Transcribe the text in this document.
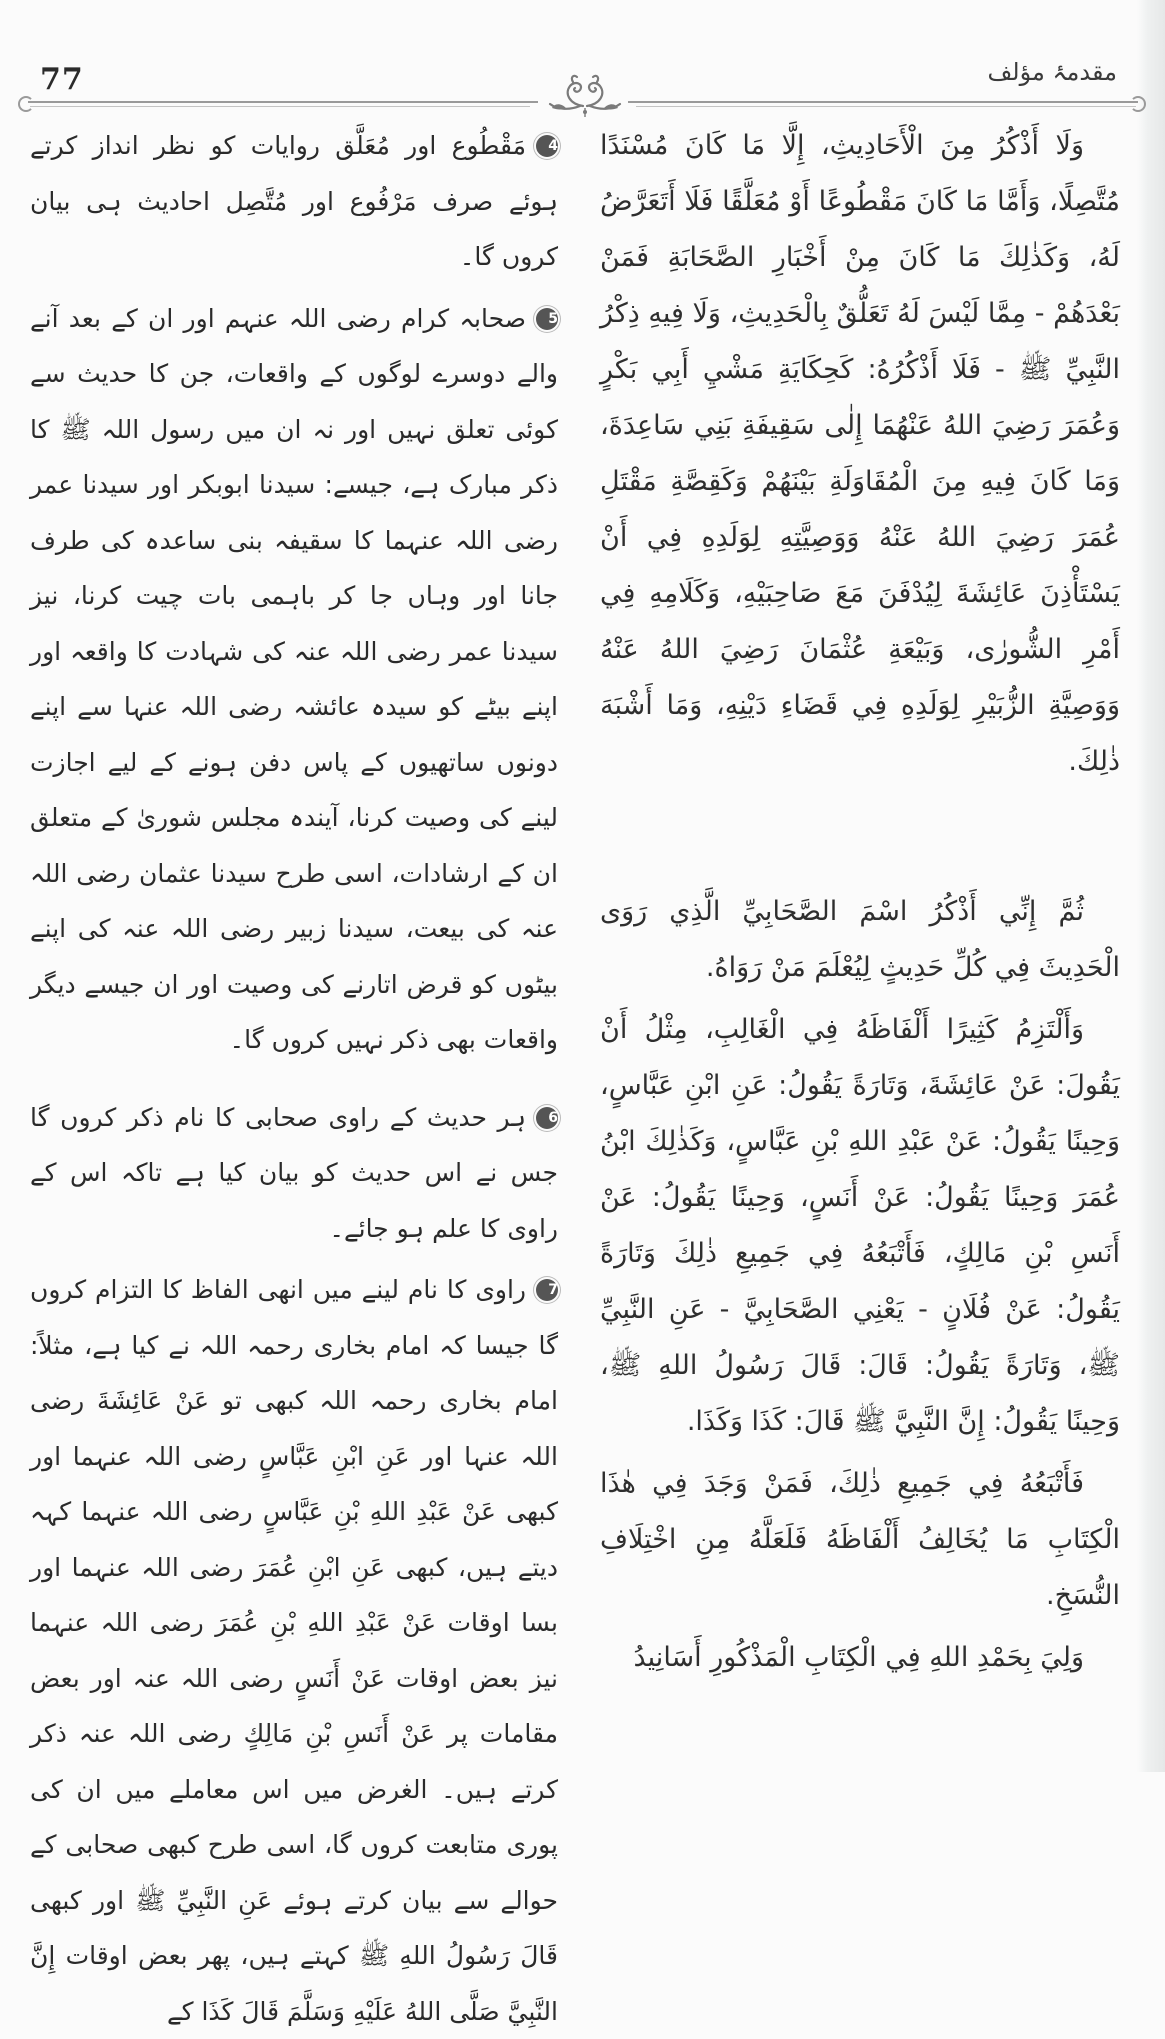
77	مقدمۂ مؤلف

وَلَا أَذْكُرُ مِنَ الْأَحَادِيثِ، إِلَّا مَا كَانَ مُسْنَدًا مُتَّصِلًا، وَأَمَّا مَا كَانَ مَقْطُوعًا أَوْ مُعَلَّقًا فَلَا أَتَعَرَّضُ لَهُ، وَكَذٰلِكَ مَا كَانَ مِنْ أَخْبَارِ الصَّحَابَةِ فَمَنْ بَعْدَهُمْ - مِمَّا لَيْسَ لَهُ تَعَلُّقٌ بِالْحَدِيثِ، وَلَا فِيهِ ذِكْرُ النَّبِيِّ ﷺ - فَلَا أَذْكُرُهُ: كَحِكَايَةِ مَشْيِ أَبِي بَكْرٍ وَعُمَرَ رَضِيَ اللهُ عَنْهُمَا إِلٰى سَقِيفَةِ بَنِي سَاعِدَةَ، وَمَا كَانَ فِيهِ مِنَ الْمُقَاوَلَةِ بَيْنَهُمْ وَكَقِصَّةِ مَقْتَلِ عُمَرَ رَضِيَ اللهُ عَنْهُ وَوَصِيَّتِهِ لِوَلَدِهِ فِي أَنْ يَسْتَأْذِنَ عَائِشَةَ لِيُدْفَنَ مَعَ صَاحِبَيْهِ، وَكَلَامِهِ فِي أَمْرِ الشُّورٰى، وَبَيْعَةِ عُثْمَانَ رَضِيَ اللهُ عَنْهُ وَوَصِيَّةِ الزُّبَيْرِ لِوَلَدِهِ فِي قَضَاءِ دَيْنِهِ، وَمَا أَشْبَهَ ذٰلِكَ.

ثُمَّ إِنِّي أَذْكُرُ اسْمَ الصَّحَابِيِّ الَّذِي رَوَى الْحَدِيثَ فِي كُلِّ حَدِيثٍ لِيُعْلَمَ مَنْ رَوَاهُ.

وَأَلْتَزِمُ كَثِيرًا أَلْفَاظَهُ فِي الْغَالِبِ، مِثْلُ أَنْ يَقُولَ: عَنْ عَائِشَةَ، وَتَارَةً يَقُولُ: عَنِ ابْنِ عَبَّاسٍ، وَحِينًا يَقُولُ: عَنْ عَبْدِ اللهِ بْنِ عَبَّاسٍ، وَكَذٰلِكَ ابْنُ عُمَرَ وَحِينًا يَقُولُ: عَنْ أَنَسٍ، وَحِينًا يَقُولُ: عَنْ أَنَسِ بْنِ مَالِكٍ، فَأَتْبَعُهُ فِي جَمِيعِ ذٰلِكَ وَتَارَةً يَقُولُ: عَنْ فُلَانٍ - يَعْنِي الصَّحَابِيَّ - عَنِ النَّبِيِّ ﷺ، وَتَارَةً يَقُولُ: قَالَ: قَالَ رَسُولُ اللهِ ﷺ، وَحِينًا يَقُولُ: إِنَّ النَّبِيَّ ﷺ قَالَ: كَذَا وَكَذَا.

فَأَتْبَعُهُ فِي جَمِيعِ ذٰلِكَ، فَمَنْ وَجَدَ فِي هٰذَا الْكِتَابِ مَا يُخَالِفُ أَلْفَاظَهُ فَلَعَلَّهُ مِنِ اخْتِلَافِ النُّسَخِ.

وَلِيَ بِحَمْدِ اللهِ فِي الْكِتَابِ الْمَذْكُورِ أَسَانِيدُ

4مَقْطُوع اور مُعَلَّق روایات کو نظر انداز کرتے ہوئے صرف مَرْفُوع اور مُتَّصِل احادیث ہی بیان کروں گا۔

5صحابہ کرام رضی اللہ عنہم اور ان کے بعد آنے والے دوسرے لوگوں کے واقعات، جن کا حدیث سے کوئی تعلق نہیں اور نہ ان میں رسول اللہ ﷺ کا ذکر مبارک ہے، جیسے: سیدنا ابوبکر اور سیدنا عمر رضی اللہ عنہما کا سقیفہ بنی ساعدہ کی طرف جانا اور وہاں جا کر باہمی بات چیت کرنا، نیز سیدنا عمر رضی اللہ عنہ کی شہادت کا واقعہ اور اپنے بیٹے کو سیدہ عائشہ رضی اللہ عنہا سے اپنے دونوں ساتھیوں کے پاس دفن ہونے کے لیے اجازت لینے کی وصیت کرنا، آیندہ مجلس شوریٰ کے متعلق ان کے ارشادات، اسی طرح سیدنا عثمان رضی اللہ عنہ کی بیعت، سیدنا زبیر رضی اللہ عنہ کی اپنے بیٹوں کو قرض اتارنے کی وصیت اور ان جیسے دیگر واقعات بھی ذکر نہیں کروں گا۔

6ہر حدیث کے راوی صحابی کا نام ذکر کروں گا جس نے اس حدیث کو بیان کیا ہے تاکہ اس کے راوی کا علم ہو جائے۔

7راوی کا نام لینے میں انھی الفاظ کا التزام کروں گا جیسا کہ امام بخاری رحمہ اللہ نے کیا ہے، مثلاً: امام بخاری رحمہ اللہ کبھی تو عَنْ عَائِشَةَ رضی اللہ عنہا اور عَنِ ابْنِ عَبَّاسٍ رضی اللہ عنہما اور کبھی عَنْ عَبْدِ اللهِ بْنِ عَبَّاسٍ رضی اللہ عنہما کہہ دیتے ہیں، کبھی عَنِ ابْنِ عُمَرَ رضی اللہ عنہما اور بسا اوقات عَنْ عَبْدِ اللهِ بْنِ عُمَرَ رضی اللہ عنہما نیز بعض اوقات عَنْ أَنَسٍ رضی اللہ عنہ اور بعض مقامات پر عَنْ أَنَسِ بْنِ مَالِكٍ رضی اللہ عنہ ذکر کرتے ہیں۔ الغرض میں اس معاملے میں ان کی پوری متابعت کروں گا، اسی طرح کبھی صحابی کے حوالے سے بیان کرتے ہوئے عَنِ النَّبِيِّ ﷺ اور کبھی قَالَ رَسُولُ اللهِ ﷺ کہتے ہیں، پھر بعض اوقات إِنَّ النَّبِيَّ صَلَّى اللهُ عَلَيْهِ وَسَلَّمَ قَالَ كَذَا کے
